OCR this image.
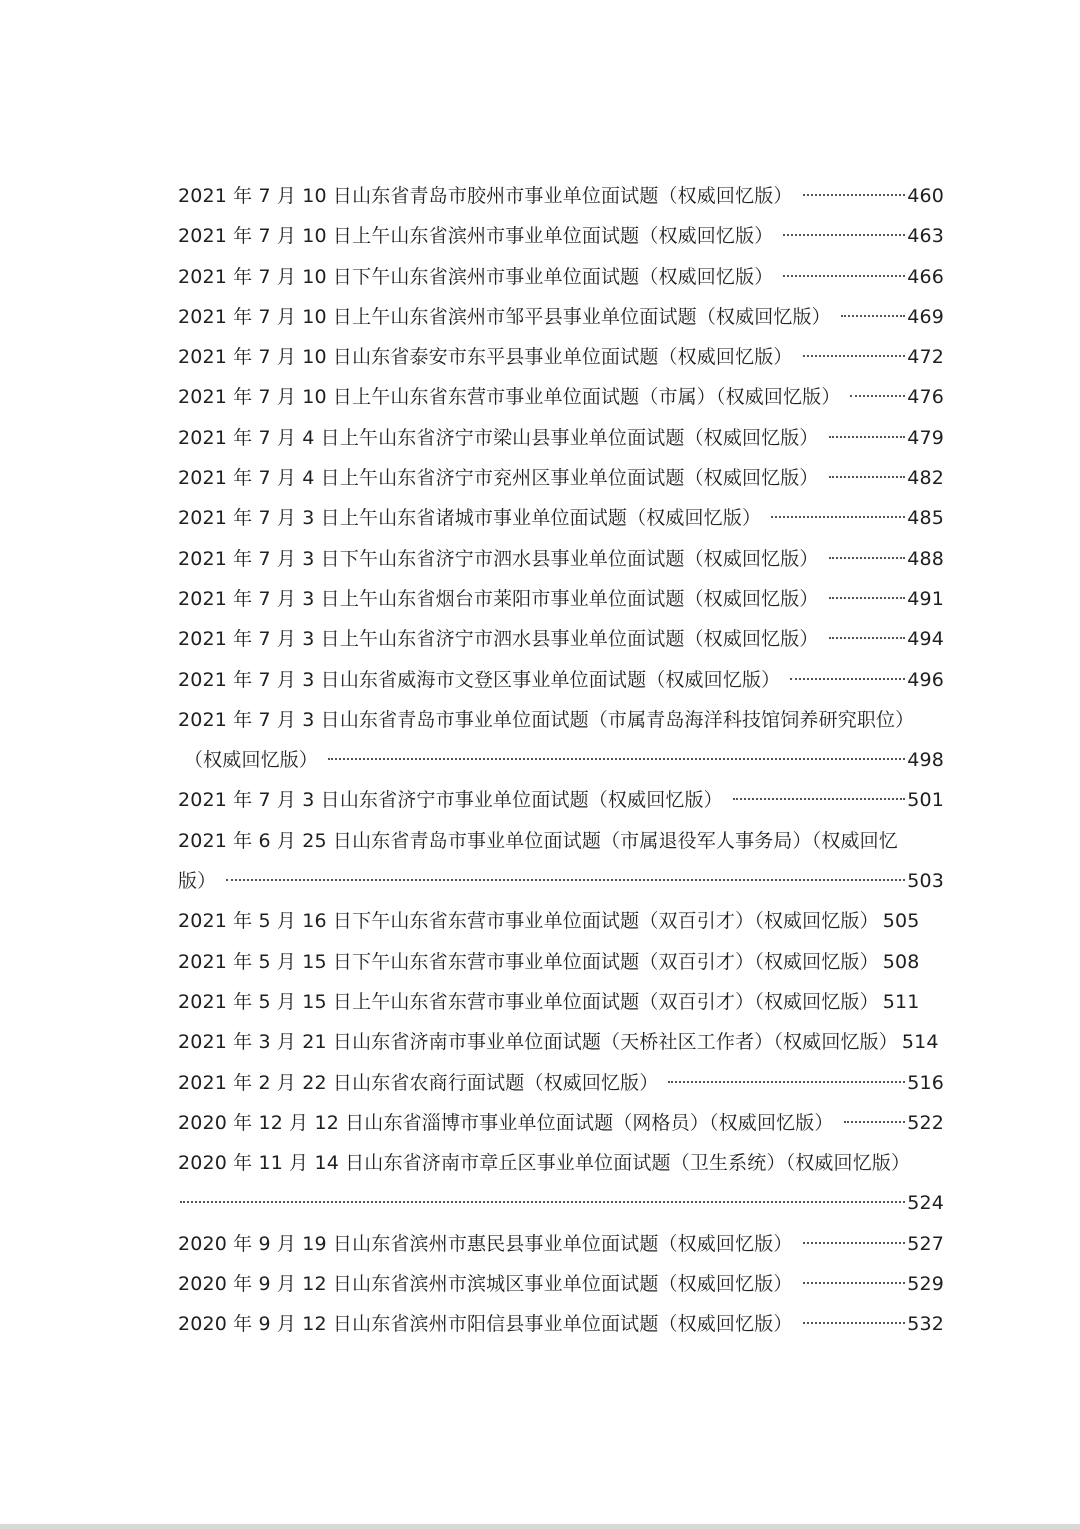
2021 年 7 月 10 日山东省青岛市胶州市事业单位面试题（权威回忆版）	460
2021 年 7 月 10 日上午山东省滨州市事业单位面试题（权威回忆版）	463
2021 年 7 月 10 日下午山东省滨州市事业单位面试题（权威回忆版）	466
2021 年 7 月 10 日上午山东省滨州市邹平县事业单位面试题（权威回忆版）	469
2021 年 7 月 10 日山东省泰安市东平县事业单位面试题（权威回忆版）	472
2021 年 7 月 10 日上午山东省东营市事业单位面试题（市属）（权威回忆版）	476
2021 年 7 月 4 日上午山东省济宁市梁山县事业单位面试题（权威回忆版）	479
2021 年 7 月 4 日上午山东省济宁市兖州区事业单位面试题（权威回忆版）	482
2021 年 7 月 3 日上午山东省诸城市事业单位面试题（权威回忆版）	485
2021 年 7 月 3 日下午山东省济宁市泗水县事业单位面试题（权威回忆版）	488
2021 年 7 月 3 日上午山东省烟台市莱阳市事业单位面试题（权威回忆版）	491
2021 年 7 月 3 日上午山东省济宁市泗水县事业单位面试题（权威回忆版）	494
2021 年 7 月 3 日山东省威海市文登区事业单位面试题（权威回忆版）	496
2021 年 7 月 3 日山东省青岛市事业单位面试题（市属青岛海洋科技馆饲养研究职位）
（权威回忆版）	498
2021 年 7 月 3 日山东省济宁市事业单位面试题（权威回忆版）	501
2021 年 6 月 25 日山东省青岛市事业单位面试题（市属退役军人事务局）（权威回忆
版）	503
2021 年 5 月 16 日下午山东省东营市事业单位面试题（双百引才）（权威回忆版） 505
2021 年 5 月 15 日下午山东省东营市事业单位面试题（双百引才）（权威回忆版） 508
2021 年 5 月 15 日上午山东省东营市事业单位面试题（双百引才）（权威回忆版） 511
2021 年 3 月 21 日山东省济南市事业单位面试题（天桥社区工作者）（权威回忆版） 514
2021 年 2 月 22 日山东省农商行面试题（权威回忆版）	516
2020 年 12 月 12 日山东省淄博市事业单位面试题（网格员）（权威回忆版）	522
2020 年 11 月 14 日山东省济南市章丘区事业单位面试题（卫生系统）（权威回忆版）
524
2020 年 9 月 19 日山东省滨州市惠民县事业单位面试题（权威回忆版）	527
2020 年 9 月 12 日山东省滨州市滨城区事业单位面试题（权威回忆版）	529
2020 年 9 月 12 日山东省滨州市阳信县事业单位面试题（权威回忆版）	532
